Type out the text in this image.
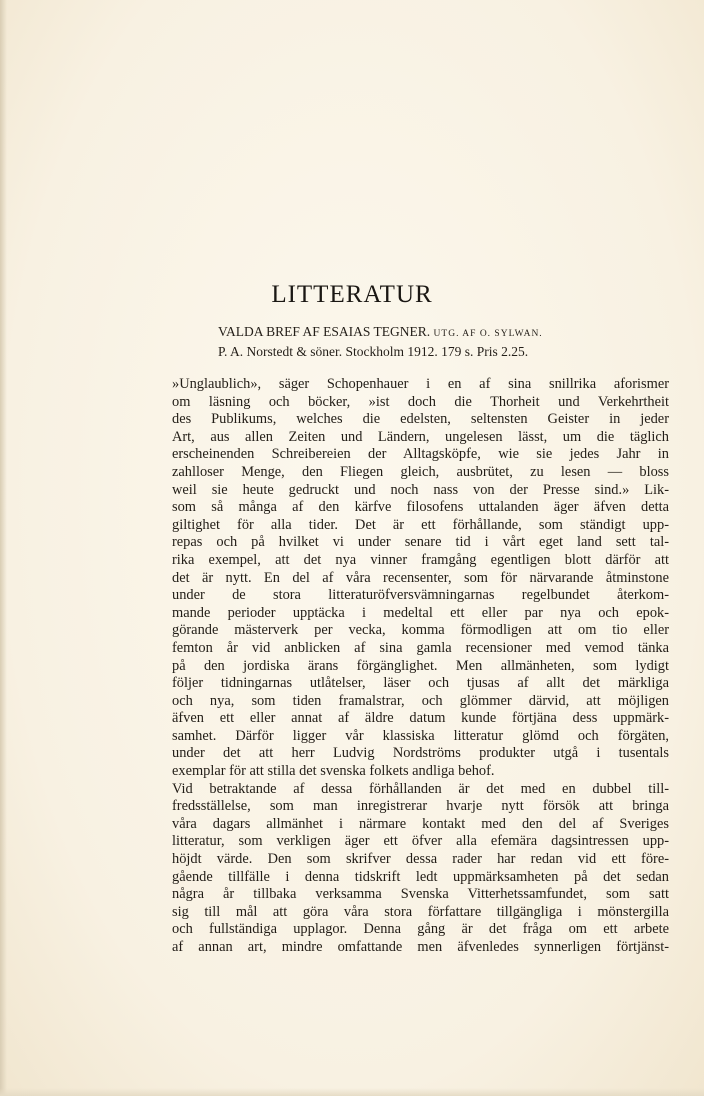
LITTERATUR
VALDA BREF AF ESAIAS TEGNER. UTG. AF O. SYLWAN.
P. A. Norstedt & söner. Stockholm 1912. 179 s. Pris 2.25.
»Unglaublich», säger Schopenhauer i en af sina snillrika aforismer
om läsning och böcker, »ist doch die Thorheit und Verkehrtheit
des Publikums, welches die edelsten, seltensten Geister in jeder
Art, aus allen Zeiten und Ländern, ungelesen lässt, um die täglich
erscheinenden Schreibereien der Alltagsköpfe, wie sie jedes Jahr in
zahlloser Menge, den Fliegen gleich, ausbrütet, zu lesen — bloss
weil sie heute gedruckt und noch nass von der Presse sind.» Lik-
som så många af den kärfve filosofens uttalanden äger äfven detta
giltighet för alla tider. Det är ett förhållande, som ständigt upp-
repas och på hvilket vi under senare tid i vårt eget land sett tal-
rika exempel, att det nya vinner framgång egentligen blott därför att
det är nytt. En del af våra recensenter, som för närvarande åtminstone
under de stora litteraturöfversvämningarnas regelbundet återkom-
mande perioder upptäcka i medeltal ett eller par nya och epok-
görande mästerverk per vecka, komma förmodligen att om tio eller
femton år vid anblicken af sina gamla recensioner med vemod tänka
på den jordiska ärans förgänglighet. Men allmänheten, som lydigt
följer tidningarnas utlåtelser, läser och tjusas af allt det märkliga
och nya, som tiden framalstrar, och glömmer därvid, att möjligen
äfven ett eller annat af äldre datum kunde förtjäna dess uppmärk-
samhet. Därför ligger vår klassiska litteratur glömd och förgäten,
under det att herr Ludvig Nordströms produkter utgå i tusentals
exemplar för att stilla det svenska folkets andliga behof.
Vid betraktande af dessa förhållanden är det med en dubbel till-
fredsställelse, som man inregistrerar hvarje nytt försök att bringa
våra dagars allmänhet i närmare kontakt med den del af Sveriges
litteratur, som verkligen äger ett öfver alla efemära dagsintressen upp-
höjdt värde. Den som skrifver dessa rader har redan vid ett före-
gående tillfälle i denna tidskrift ledt uppmärksamheten på det sedan
några år tillbaka verksamma Svenska Vitterhetssamfundet, som satt
sig till mål att göra våra stora författare tillgängliga i mönstergilla
och fullständiga upplagor. Denna gång är det fråga om ett arbete
af annan art, mindre omfattande men äfvenledes synnerligen förtjänst-
